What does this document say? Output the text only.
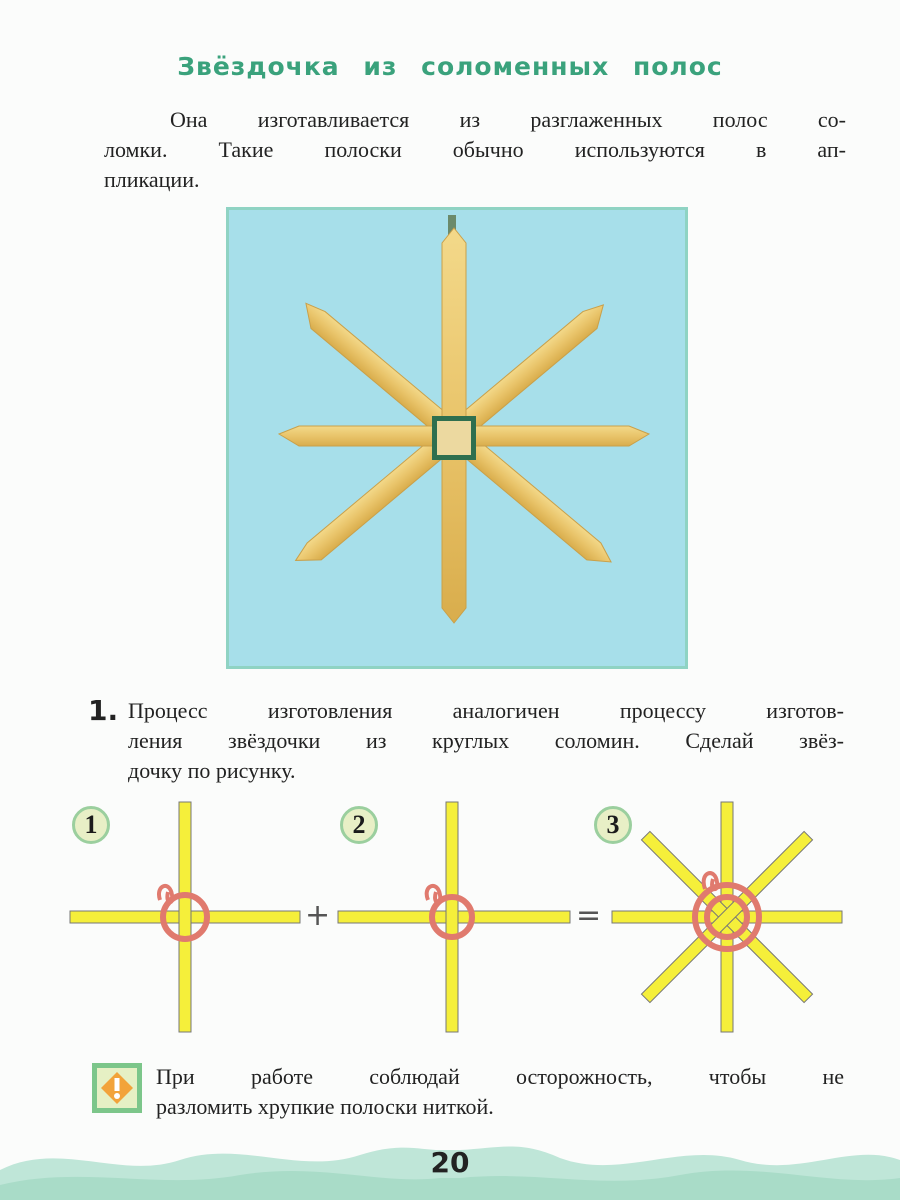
Звёздочка из соломенных полос
Она изготавливается из разглаженных полос со-
ломки. Такие полоски обычно используются в ап-
пликации.
1. Процесс изготовления аналогичен процессу изготов-
ления звёздочки из круглых соломин. Сделай звёз-
дочку по рисунку.
1	2	3
+	=
При работе соблюдай осторожность, чтобы не
разломить хрупкие полоски ниткой.
20
